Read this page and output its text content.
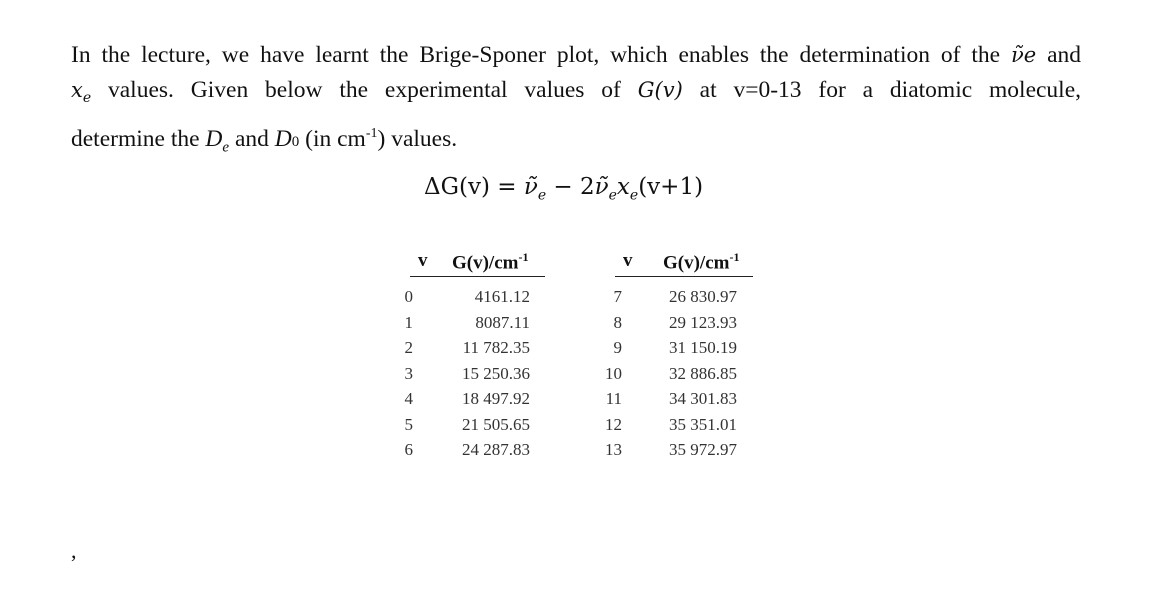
In the lecture, we have learnt the Brige-Sponer plot, which enables the determination of the ν̃e and
$x_e$ values. Given below the experimental values of G(v) at v=0-13 for a diatomic molecule,
determine the $D_e$ and D0 (in $cm^{-1}$) values.
$\Delta G(v) = \nũ_e$ − $2\nũ_ex_e(v+1)$
v $G(v)/cm^{-1}$
0	4161.12
1	8087.11
2	11 782.35
3	15 250.36
4	18 497.92
5	21 505.65
6	24 287.83
v $G(v)/cm^{-1}$
7	26 830.97
8	29 123.93
9	31 150.19
10	32 886.85
11	34 301.83
12	35 351.01
13	35 972.97
,
